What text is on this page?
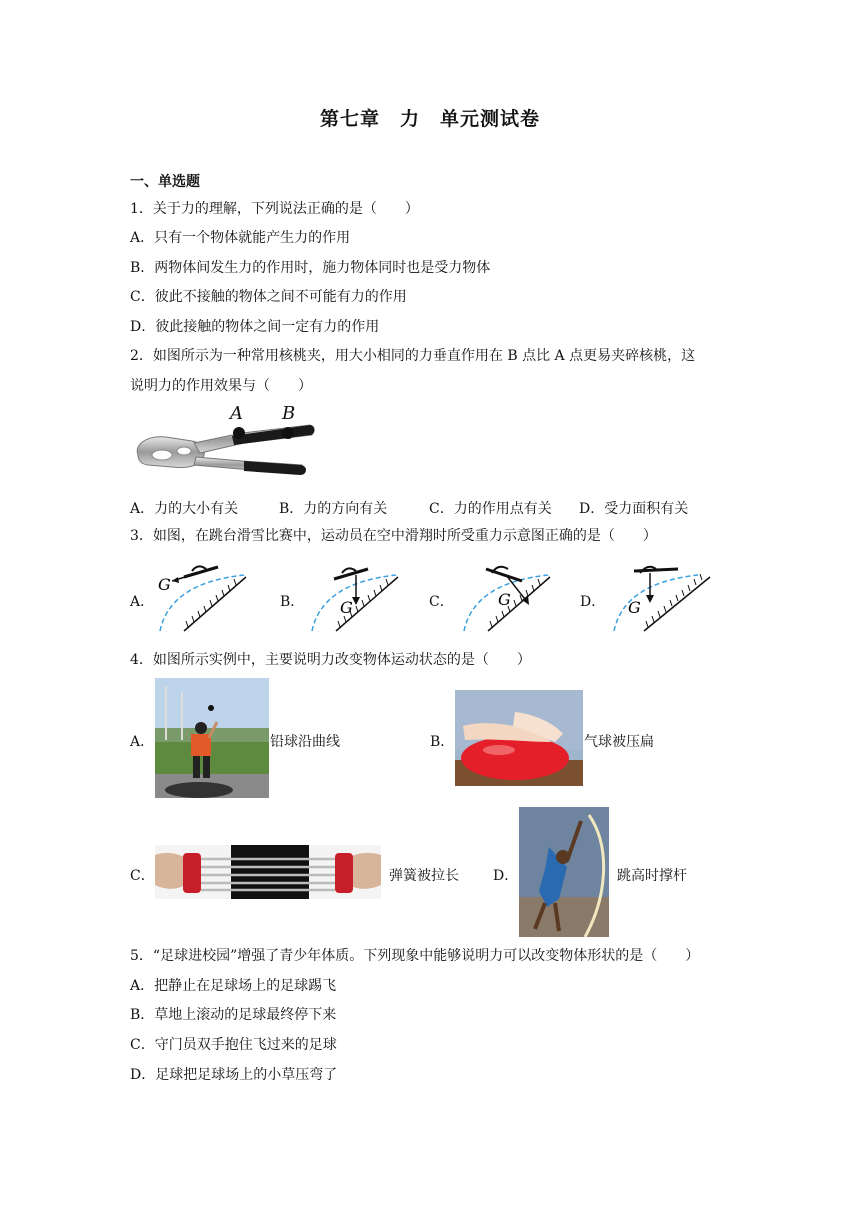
第七章　力　单元测试卷
一、单选题
1．关于力的理解，下列说法正确的是（　　）
A．只有一个物体就能产生力的作用
B．两物体间发生力的作用时，施力物体同时也是受力物体
C．彼此不接触的物体之间不可能有力的作用
D．彼此接触的物体之间一定有力的作用
2．如图所示为一种常用核桃夹，用大小相同的力垂直作用在 B 点比 A 点更易夹碎核桃，这
说明力的作用效果与（　　）
A B
A．力的大小有关	B．力的方向有关	C．力的作用点有关 D．受力面积有关
3．如图，在跳台滑雪比赛中，运动员在空中滑翔时所受重力示意图正确的是（　　）
A．
G
B． G	C．	G	D． G
4．如图所示实例中，主要说明力改变物体运动状态的是（　　）
A．	铅球沿曲线	B．	气球被压扁
C．	弹簧被拉长 D．	跳高时撑杆
5．“足球进校园”增强了青少年体质。下列现象中能够说明力可以改变物体形状的是（　　）
A．把静止在足球场上的足球踢飞
B．草地上滚动的足球最终停下来
C．守门员双手抱住飞过来的足球
D．足球把足球场上的小草压弯了
